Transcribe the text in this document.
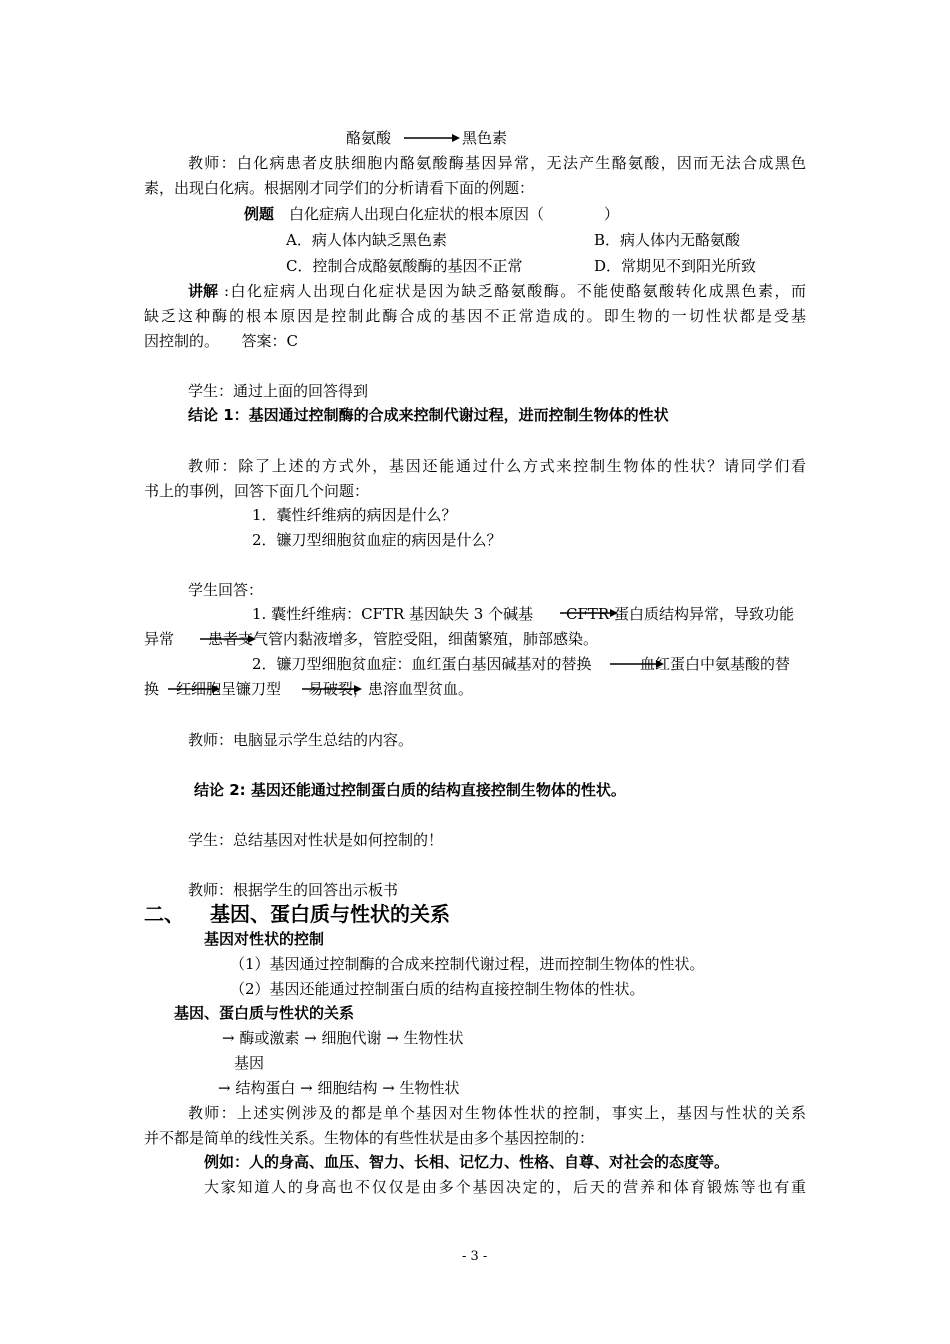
酪氨酸	黑色素
教师：白化病患者皮肤细胞内酪氨酸酶基因异常，无法产生酪氨酸，因而无法合成黑色
素，出现白化病。根据刚才同学们的分析请看下面的例题：
例题 白化症病人出现白化症状的根本原因（　　　　）
A．病人体内缺乏黑色素	B．病人体内无酪氨酸
C．控制合成酪氨酸酶的基因不正常	D．常期见不到阳光所致
讲解 :白化症病人出现白化症状是因为缺乏酪氨酸酶。不能使酪氨酸转化成黑色素，而
缺乏这种酶的根本原因是控制此酶合成的基因不正常造成的。即生物的一切性状都是受基
因控制的。　　答案：C
学生：通过上面的回答得到
结论 1：基因通过控制酶的合成来控制代谢过程，进而控制生物体的性状
教师：除了上述的方式外，基因还能通过什么方式来控制生物体的性状？请同学们看
书上的事例，回答下面几个问题：
1．囊性纤维病的病因是什么？
2．镰刀型细胞贫血症的病因是什么？
学生回答：
1. 囊性纤维病：CFTR 基因缺失 3 个碱基 CFTR 蛋白质结构异常，导致功能
异常 患者支气管内黏液增多，管腔受阻，细菌繁殖，肺部感染。
2．镰刀型细胞贫血症：血红蛋白基因碱基对的替换	血红蛋白中氨基酸的替
换 红细胞呈镰刀型 易破裂，患溶血型贫血。
教师：电脑显示学生总结的内容。
结论 2: 基因还能通过控制蛋白质的结构直接控制生物体的性状。
学生：总结基因对性状是如何控制的！
教师：根据学生的回答出示板书
二、 基因、蛋白质与性状的关系
基因对性状的控制
（1）基因通过控制酶的合成来控制代谢过程，进而控制生物体的性状。
（2）基因还能通过控制蛋白质的结构直接控制生物体的性状。
基因、蛋白质与性状的关系
→ 酶或激素 → 细胞代谢 → 生物性状
基因
→ 结构蛋白 → 细胞结构 → 生物性状
教师：上述实例涉及的都是单个基因对生物体性状的控制，事实上，基因与性状的关系
并不都是简单的线性关系。生物体的有些性状是由多个基因控制的：
例如：人的身高、血压、智力、长相、记忆力、性格、自尊、对社会的态度等。
大家知道人的身高也不仅仅是由多个基因决定的，后天的营养和体育锻炼等也有重
- 3 -
